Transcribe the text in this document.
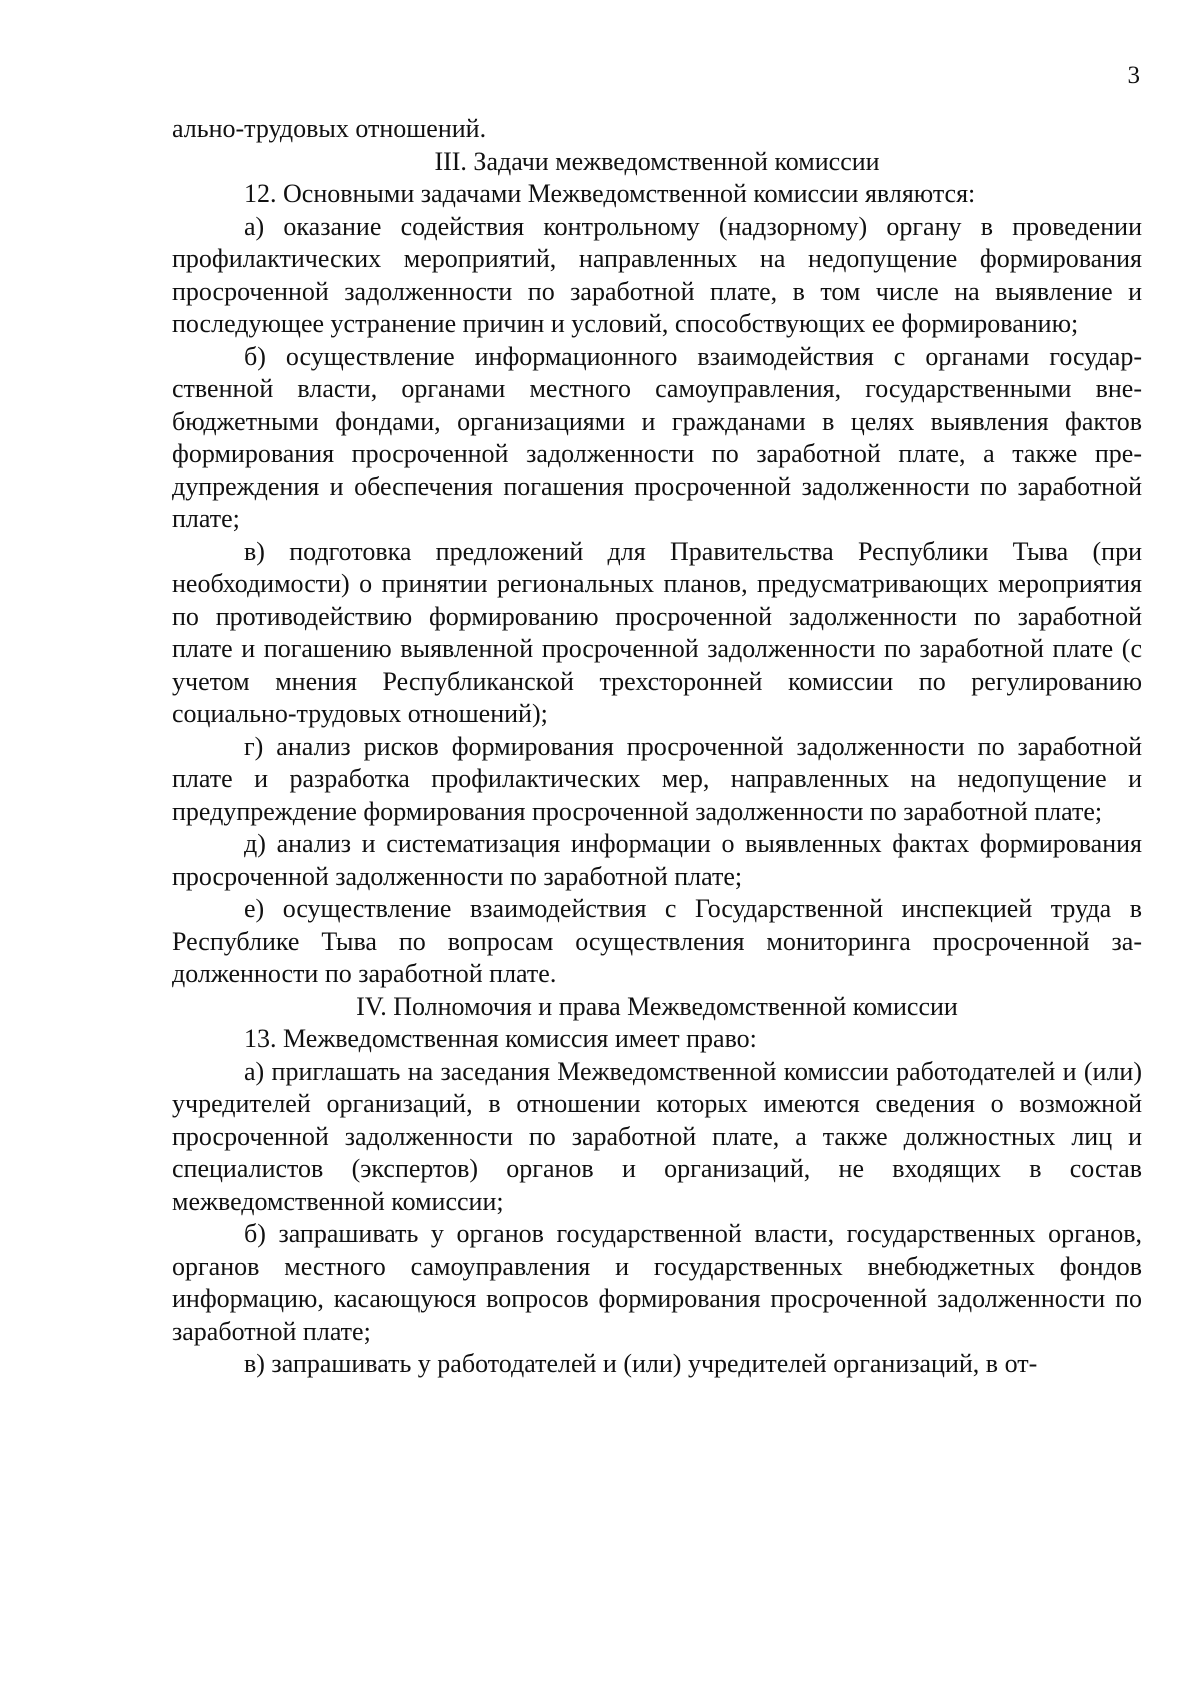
3

ально-трудовых отношений.

III. Задачи межведомственной комиссии

12. Основными задачами Межведомственной комиссии являются:

а) оказание содействия контрольному (надзорному) органу в проведении профилактических мероприятий, направленных на недопущение формирования просроченной задолженности по заработной плате, в том числе на выявление и последующее устранение причин и условий, способствующих ее формированию;

б) осуществление информационного взаимодействия с органами государственной власти, органами местного самоуправления, государственными внебюджетными фондами, организациями и гражданами в целях выявления фактов формирования просроченной задолженности по заработной плате, а также предупреждения и обеспечения погашения просроченной задолженности по заработной плате;

в) подготовка предложений для Правительства Республики Тыва (при необходимости) о принятии региональных планов, предусматривающих мероприятия по противодействию формированию просроченной задолженности по заработной плате и погашению выявленной просроченной задолженности по заработной плате (с учетом мнения Республиканской трехсторонней комиссии по регулированию социально-трудовых отношений);

г) анализ рисков формирования просроченной задолженности по заработной плате и разработка профилактических мер, направленных на недопущение и предупреждение формирования просроченной задолженности по заработной плате;

д) анализ и систематизация информации о выявленных фактах формирования просроченной задолженности по заработной плате;

е) осуществление взаимодействия с Государственной инспекцией труда в Республике Тыва по вопросам осуществления мониторинга просроченной задолженности по заработной плате.

IV. Полномочия и права Межведомственной комиссии

13. Межведомственная комиссия имеет право:

а) приглашать на заседания Межведомственной комиссии работодателей и (или) учредителей организаций, в отношении которых имеются сведения о возможной просроченной задолженности по заработной плате, а также должностных лиц и специалистов (экспертов) органов и организаций, не входящих в состав межведомственной комиссии;

б) запрашивать у органов государственной власти, государственных органов, органов местного самоуправления и государственных внебюджетных фондов информацию, касающуюся вопросов формирования просроченной задолженности по заработной плате;

в) запрашивать у работодателей и (или) учредителей организаций, в от-
